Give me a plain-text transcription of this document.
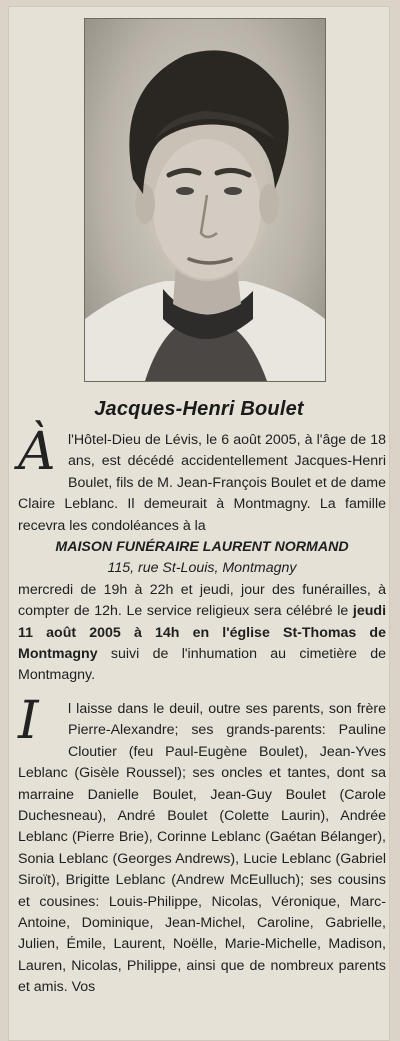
Jacques-Henri Boulet

Àl'Hôtel-Dieu de Lévis, le 6 août 2005, à l'âge de 18 ans, est décédé accidentellement Jacques-Henri Boulet, fils de M. Jean-François Boulet et de dame Claire Leblanc. Il demeurait à Montmagny. La famille recevra les condoléances à la
MAISON FUNÉRAIRE LAURENT NORMAND
115, rue St-Louis, Montmagny
mercredi de 19h à 22h et jeudi, jour des funérailles, à compter de 12h. Le service religieux sera célébré le jeudi 11 août 2005 à 14h en l'église St-Thomas de Montmagny suivi de l'inhumation au cimetière de Montmagny.

I	l laisse dans le deuil, outre ses parents, son frère Pierre-Alexandre; ses grands-parents: Pauline Cloutier (feu Paul-Eugène Boulet), Jean-Yves Leblanc (Gisèle Roussel); ses oncles et tantes, dont sa marraine Danielle Boulet, Jean-Guy Boulet (Carole Duchesneau), André Boulet (Colette Laurin), Andrée Leblanc (Pierre Brie), Corinne Leblanc (Gaétan Bélanger), Sonia Leblanc (Georges Andrews), Lucie Leblanc (Gabriel Siroït), Brigitte Leblanc (Andrew McEulluch); ses cousins et cousines: Louis-Philippe, Nicolas, Véronique, Marc-Antoine, Dominique, Jean-Michel, Caroline, Gabrielle, Julien, Émile, Laurent, Noëlle, Marie-Michelle, Madison, Lauren, Nicolas, Philippe, ainsi que de nombreux parents et amis. Vos
